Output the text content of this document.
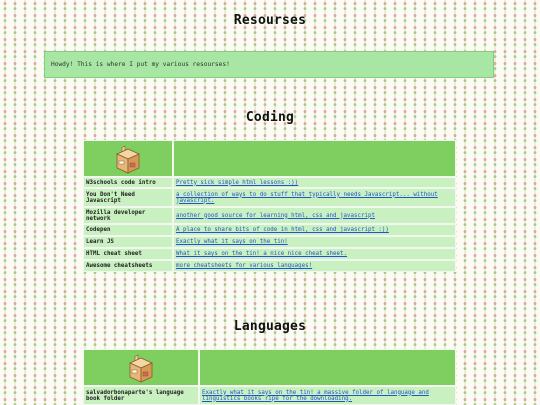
Resourses
Howdy! This is where I put my various resourses!
Coding

W3schools code intro	Pretty sick simple html lessons :))
You Don't Need Javascript	a collection of ways to do stuff that typically needs Javascript... without javascript.
Mozilla developer network	another good source for learning html, css and javascript
Codepen	A place to share bits of code in html, css and javascript :))
Learn JS	Exactly what it says on the tin!
HTML cheat sheet	What it says on the tin! a nice nice cheat sheet.
Awesome cheatsheets	more cheatsheets for various languages!
Languages

salvadorbonaparte's language book folder	Exactly what it says on the tin! a massive folder of language and linguistics books ripe for the downloading.
